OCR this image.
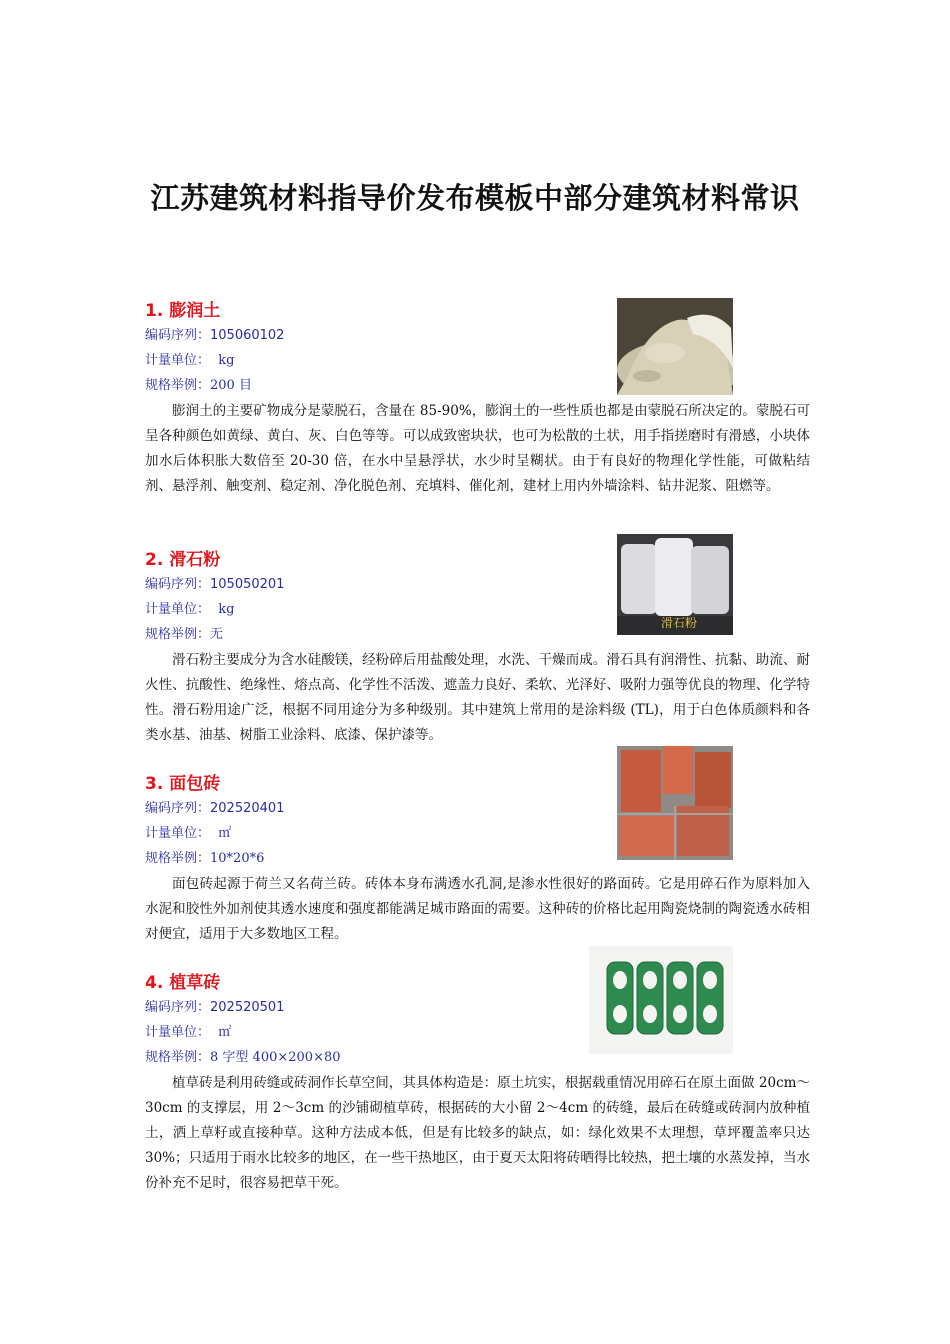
江苏建筑材料指导价发布模板中部分建筑材料常识
1. 膨润土
编码序列：105060102
计量单位：  kg
规格举例：200 目
膨润土的主要矿物成分是蒙脱石，含量在 85-90%，膨润土的一些性质也都是由蒙脱石所决定的。蒙脱石可呈各种颜色如黄绿、黄白、灰、白色等等。可以成致密块状，也可为松散的土状，用手指搓磨时有滑感，小块体加水后体积胀大数倍至 20-30 倍，在水中呈悬浮状，水少时呈糊状。由于有良好的物理化学性能，可做粘结剂、悬浮剂、触变剂、稳定剂、净化脱色剂、充填料、催化剂，建材上用内外墙涂料、钻井泥浆、阻燃等。
2. 滑石粉
编码序列：105050201
计量单位：  kg
规格举例：无
滑石粉主要成分为含水硅酸镁，经粉碎后用盐酸处理，水洗、干燥而成。滑石具有润滑性、抗黏、助流、耐火性、抗酸性、绝缘性、熔点高、化学性不活泼、遮盖力良好、柔软、光泽好、吸附力强等优良的物理、化学特性。滑石粉用途广泛，根据不同用途分为多种级别。其中建筑上常用的是涂料级 (TL)，用于白色体质颜料和各类水基、油基、树脂工业涂料、底漆、保护漆等。
滑石粉
3. 面包砖
编码序列：202520401
计量单位：  ㎡
规格举例：10*20*6
面包砖起源于荷兰又名荷兰砖。砖体本身布满透水孔洞,是渗水性很好的路面砖。它是用碎石作为原料加入水泥和胶性外加剂使其透水速度和强度都能满足城市路面的需要。这种砖的价格比起用陶瓷烧制的陶瓷透水砖相对便宜，适用于大多数地区工程。
4. 植草砖
编码序列：202520501
计量单位：  ㎡
规格举例：8 字型 400×200×80
植草砖是利用砖缝或砖洞作长草空间，其具体构造是：原土坑实，根据载重情况用碎石在原土面做 20cm～30cm 的支撑层，用 2～3cm 的沙铺砌植草砖，根据砖的大小留 2～4cm 的砖缝，最后在砖缝或砖洞内放种植土，洒上草籽或直接种草。这种方法成本低，但是有比较多的缺点，如：绿化效果不太理想，草坪覆盖率只达 30%；只适用于雨水比较多的地区，在一些干热地区，由于夏天太阳将砖晒得比较热，把土壤的水蒸发掉，当水份补充不足时，很容易把草干死。
